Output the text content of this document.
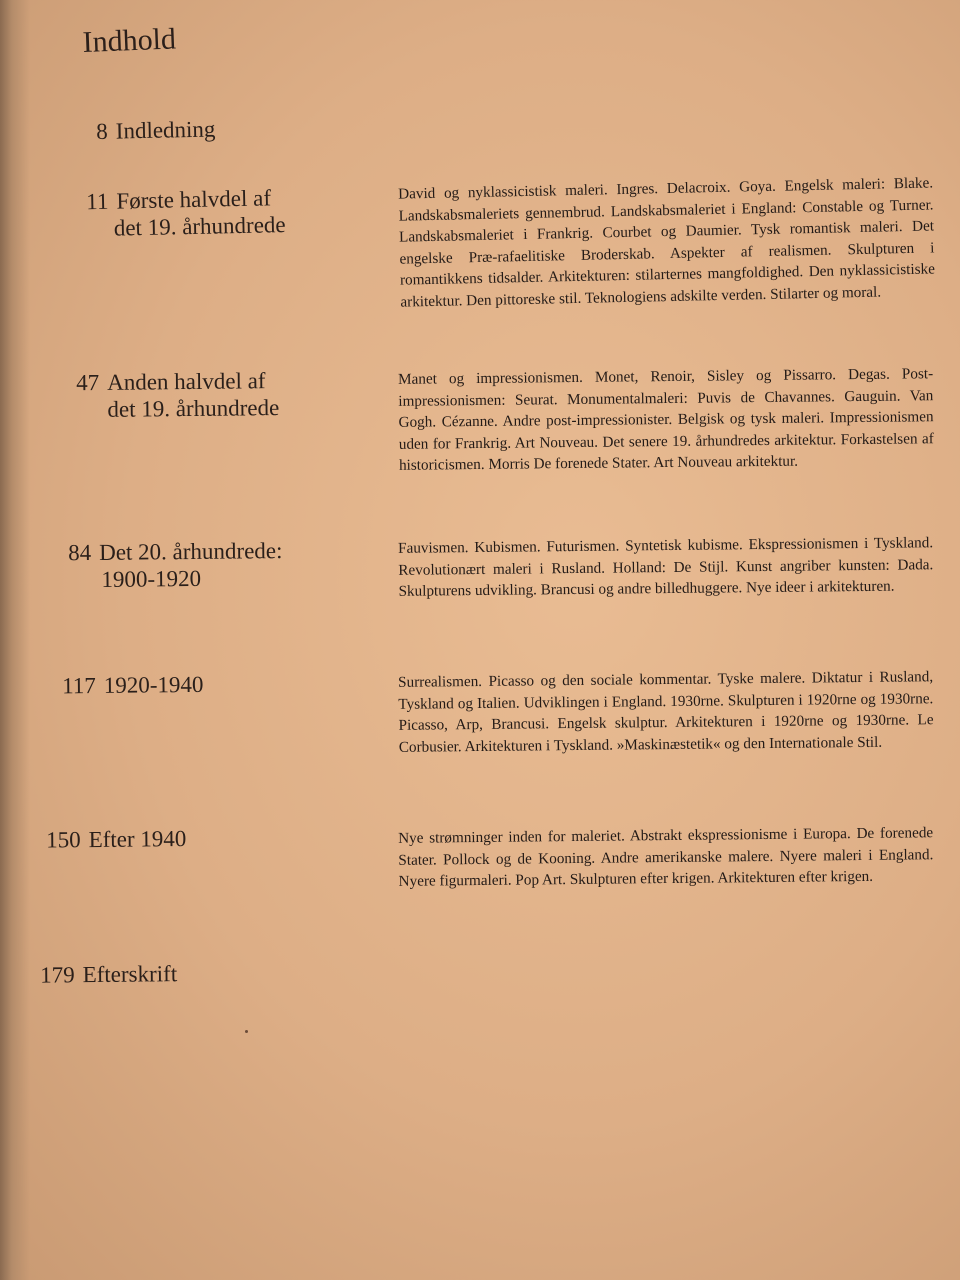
Indhold
8 Indledning
11 Første halvdel af
det 19. århundrede
David og nyklassicistisk maleri. Ingres. Delacroix. Goya. Engelsk maleri: Blake. Landskabsmaleriets gennembrud. Landskabsmaleriet i England: Constable og Turner. Landskabsmaleriet i Frankrig. Courbet og Daumier. Tysk romantisk maleri. Det engelske Præ-rafaelitiske Broderskab. Aspekter af realismen. Skulpturen i romantikkens tidsalder. Arkitekturen: stilarternes mangfoldighed. Den nyklassicistiske arkitektur. Den pittoreske stil. Teknologiens adskilte verden. Stilarter og moral.
47 Anden halvdel af
det 19. århundrede
Manet og impressionismen. Monet, Renoir, Sisley og Pissarro. Degas. Post-impressionismen: Seurat. Monumentalmaleri: Puvis de Chavannes. Gauguin. Van Gogh. Cézanne. Andre post-impressionister. Belgisk og tysk maleri. Impressionismen uden for Frankrig. Art Nouveau. Det senere 19. århundredes arkitektur. Forkastelsen af historicismen. Morris De forenede Stater. Art Nouveau arkitektur.
84 Det 20. århundrede:
1900-1920
Fauvismen. Kubismen. Futurismen. Syntetisk kubisme. Ekspressionismen i Tyskland. Revolutionært maleri i Rusland. Holland: De Stijl. Kunst angriber kunsten: Dada. Skulpturens udvikling. Brancusi og andre billedhuggere. Nye ideer i arkitekturen.
117 1920-1940	Surrealismen. Picasso og den sociale kommentar. Tyske malere. Diktatur i Rusland, Tyskland og Italien. Udviklingen i England. 1930rne. Skulpturen i 1920rne og 1930rne. Picasso, Arp, Brancusi. Engelsk skulptur. Arkitekturen i 1920rne og 1930rne. Le Corbusier. Arkitekturen i Tyskland. »Maskinæstetik« og den Internationale Stil.
150 Efter 1940	Nye strømninger inden for maleriet. Abstrakt ekspressionisme i Europa. De forenede Stater. Pollock og de Kooning. Andre amerikanske malere. Nyere maleri i England. Nyere figurmaleri. Pop Art. Skulpturen efter krigen. Arkitekturen efter krigen.
179 Efterskrift
